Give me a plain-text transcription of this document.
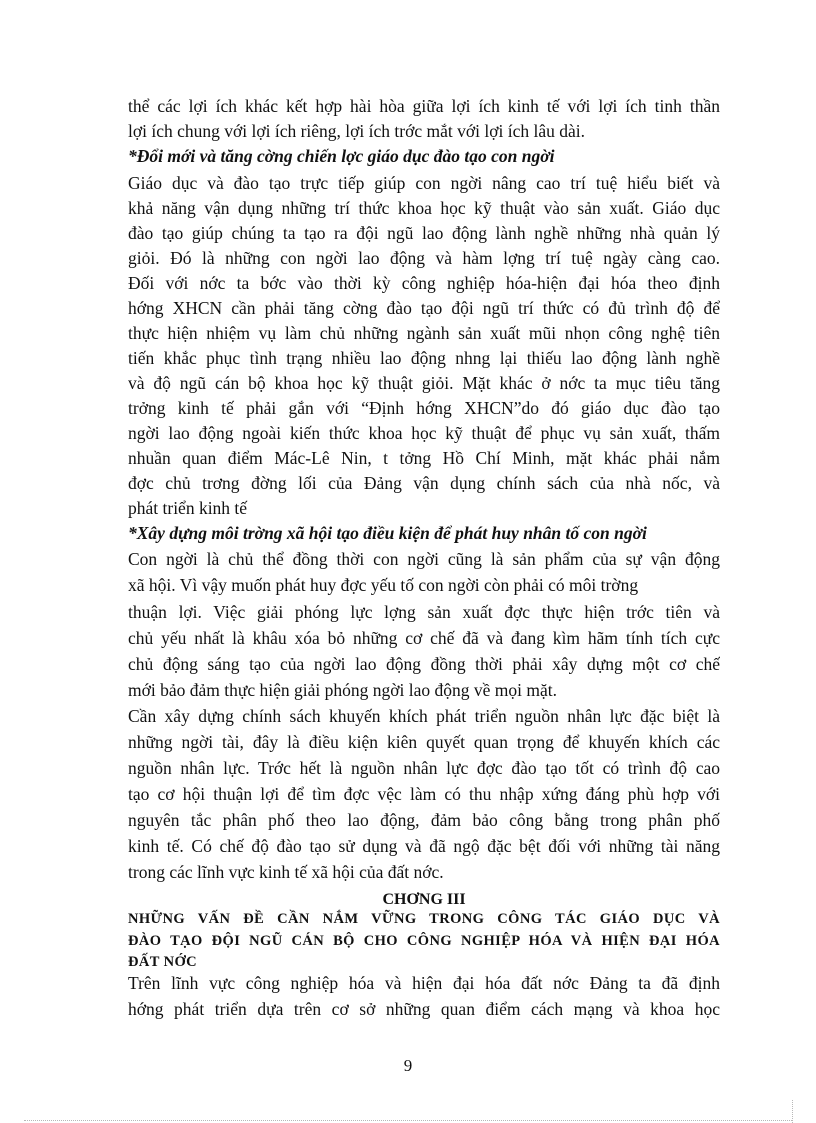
thể các lợi ích khác kết hợp hài hòa giữa lợi ích kinh tế với lợi ích tinh thần
lợi ích chung với lợi ích riêng, lợi ích trớc mắt với lợi ích lâu dài.
*Đổi mới và tăng cờng chiến lợc giáo dục đào tạo con ngời
Giáo dục và đào tạo trực tiếp giúp con ngời nâng cao trí tuệ hiểu biết và
khả năng vận dụng những trí thức khoa học kỹ thuật vào sản xuất. Giáo dục
đào tạo giúp chúng ta tạo ra đội ngũ lao động lành nghề những nhà quản lý
giỏi. Đó là những con ngời lao động và hàm lợng trí tuệ ngày càng cao.
Đối với nớc ta bớc vào thời kỳ công nghiệp hóa-hiện đại hóa theo định
hớng XHCN cần phải tăng cờng đào tạo đội ngũ trí thức có đủ trình độ để
thực hiện nhiệm vụ làm chủ những ngành sản xuất mũi nhọn công nghệ tiên
tiến khắc phục tình trạng nhiều lao động nhng lại thiếu lao động lành nghề
và độ ngũ cán bộ khoa học kỹ thuật giỏi. Mặt khác ở nớc ta mục tiêu tăng
trởng kinh tế phải gắn với “Định hớng XHCN”do đó giáo dục đào tạo
ngời lao động ngoài kiến thức khoa học kỹ thuật để phục vụ sản xuất, thấm
nhuần quan điểm Mác-Lê Nin, t tởng Hồ Chí Minh, mặt khác phải nắm
đợc chủ trơng đờng lối của Đảng vận dụng chính sách của nhà nốc, và
phát triển kinh tế
*Xây dựng môi trờng xã hội tạo điều kiện để phát huy nhân tố con ngời
Con ngời là chủ thể đồng thời con ngời cũng là sản phẩm của sự vận động
xã hội. Vì vậy muốn phát huy đợc yếu tố con ngời còn phải có môi trờng
thuận lợi. Việc giải phóng lực lợng sản xuất đợc thực hiện trớc tiên và
chủ yếu nhất là khâu xóa bỏ những cơ chế đã và đang kìm hãm tính tích cực
chủ động sáng tạo của ngời lao động đồng thời phải xây dựng một cơ chế
mới bảo đảm thực hiện giải phóng ngời lao động về mọi mặt.
Cần xây dựng chính sách khuyến khích phát triển nguồn nhân lực đặc biệt là
những ngời tài, đây là điều kiện kiên quyết quan trọng để khuyến khích các
nguồn nhân lực. Trớc hết là nguồn nhân lực đợc đào tạo tốt có trình độ cao
tạo cơ hội thuận lợi để tìm đợc vệc làm có thu nhập xứng đáng phù hợp với
nguyên tắc phân phố theo lao động, đảm bảo công bằng trong phân phố
kinh tế. Có chế độ đào tạo sử dụng và đã ngộ đặc bệt đối với những tài năng
trong các lĩnh vực kinh tế xã hội của đất nớc.
CHƠNG III
NHỮNG VẤN ĐỀ CẦN NẮM VỮNG TRONG CÔNG TÁC GIÁO DỤC VÀ
ĐÀO TẠO ĐỘI NGŨ CÁN BỘ CHO CÔNG NGHIỆP HÓA VÀ HIỆN ĐẠI HÓA
ĐẤT NỚC
Trên lĩnh vực công nghiệp hóa và hiện đại hóa đất nớc Đảng ta đã định
hớng phát triển dựa trên cơ sở những quan điểm cách mạng và khoa học
9
